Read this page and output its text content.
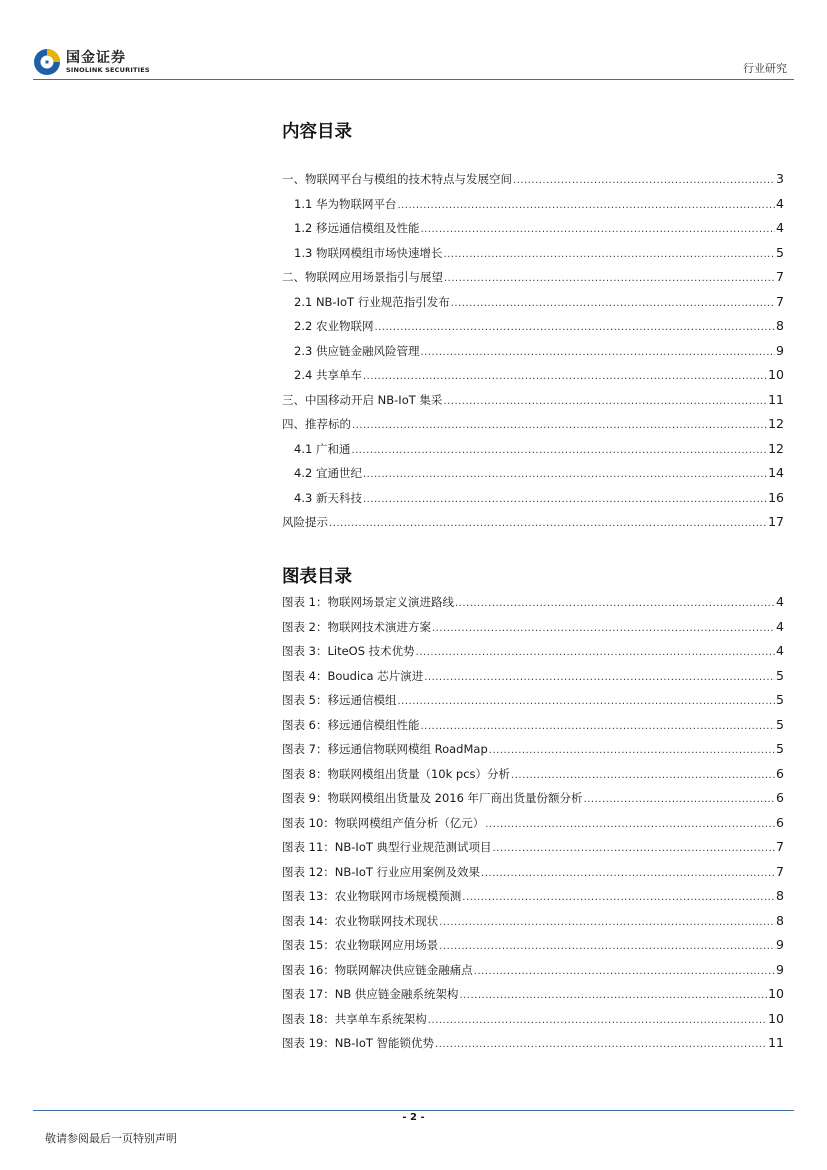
国金证券
SINOLINK SECURITIES	行业研究
内容目录
一、物联网平台与模组的技术特点与发展空间 .....	3
1.1 华为物联网平台 .....	4
1.2 移远通信模组及性能 .....	4
1.3 物联网模组市场快速增长 .....	5
二、物联网应用场景指引与展望 .....	7
2.1 NB-IoT 行业规范指引发布 .....	7
2.2 农业物联网 .....	8
2.3 供应链金融风险管理 .....	9
2.4 共享单车 .....	10
三、中国移动开启 NB-IoT 集采 .....	11
四、推荐标的 .....	12
4.1 广和通 .....	12
4.2 宜通世纪 .....	14
4.3 新天科技 .....	16
风险提示 .....	17
图表目录
图表 1：物联网场景定义演进路线 .....	4
图表 2：物联网技术演进方案 .....	4
图表 3：LiteOS 技术优势 .....	4
图表 4：Boudica 芯片演进 .....	5
图表 5：移远通信模组 .....	5
图表 6：移远通信模组性能 .....	5
图表 7：移远通信物联网模组 RoadMap .....	5
图表 8：物联网模组出货量（10k pcs）分析 .....	6
图表 9：物联网模组出货量及 2016 年厂商出货量份额分析 .....	6
图表 10：物联网模组产值分析（亿元） .....	6
图表 11：NB-IoT 典型行业规范测试项目 .....	7
图表 12：NB-IoT 行业应用案例及效果 .....	7
图表 13：农业物联网市场规模预测 .....	8
图表 14：农业物联网技术现状 .....	8
图表 15：农业物联网应用场景 .....	9
图表 16：物联网解决供应链金融痛点 .....	9
图表 17：NB 供应链金融系统架构 .....	10
图表 18：共享单车系统架构 .....	10
图表 19：NB-IoT 智能锁优势 .....	11
- 2 -
敬请参阅最后一页特别声明
